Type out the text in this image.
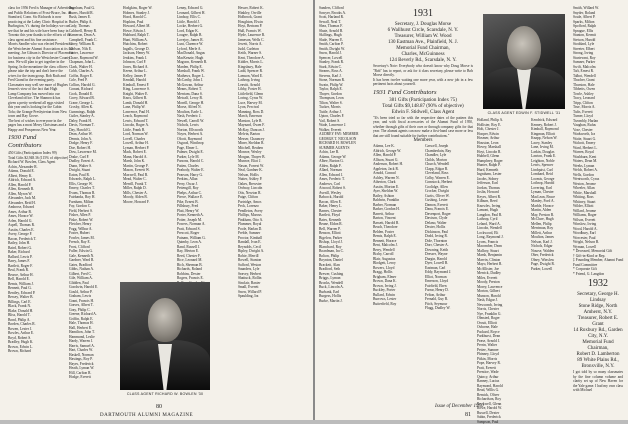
class for 1956 Fred is Manager of Advertising
and Public Relations of Frost-Bruce, Inc. in
Stamford, Conn. Sic Richards is now
practicing at the Lahey Clinic Hospital in
Burlington, Vt. during the holidays we can
see that he and his wife have been busy in
Toronto this year thanks to the efforts of the
class agent and his fine assistance.
Morris Sandler who was elected President of
the Westchester Alumni Association at its fall
meeting. Joe Gibson is Director of Placement
for business city in the Westchester County
area. We will plan to get together in the
Spring. In the meantime the class officers
please take the trip and don't leave the
wives for the team group. Bob Ruth and
Fred Grand in the evening party.
Classmates may well see more of Hughes
Jensen's view of the fact that High
Lamp Company has moved into our
Cleveland office. The Shamrock has
given a pretty weekend all eggs visited
this year and is looking for the Cabin
Tofu; the Grange Presbyterian from New
town and Ray Grove.
The best of wishes to everyone in the
pages has a most Merry Christmas and a
Happy and Prosperous New Year.
1930 Fund Contributors
450 Gifts (Participation Index 99)
Total Gifts $2,948.36 (115% of objective)
Richard W. Bowlen, Class Agent
Achin, Alexander R.
Adams, Donald E.
Albert, Henry K.
Aldrich, Edward A.
Allen, Harold P.
Allen, Kenneth R.
Allen, Myron W.
Alexander, Jack M.
Alexander, Reid H.
Ambrose, Edward
Ames, Arthur B.
Ames, Horace W.
Arlen, Harold G.
Aspell, Thomas R.
Austin, Charles E.
Avery, George F.
Bacon, Frederick T.
Bailey, John H.
Baird, Robert G.
Baker, Richard
Ballard, Lewis P.
Barry, James F.
Bartlett, Roger F.
Beal, Frank R.
Bearce, Arthur H.
Bell, Harold E.
Bemis, William J.
Bennett, Paul G.
Bentley, Edward P.
Bessey, Walter B.
Billings, Carl E.
Black, Frank N.
Blake, Donald H.
Bliss, Harold T.
Bond, Philip A.
Borden, Charles R.
Bowen, Lester J.
Bowles, Arthur E.
Boyd, Robert S.
Bradley, Hugh K.
Brown, Edwin L.
Brown, Richard
Burnham, Paul G.
Burns, Harold R.
Bush, James E.
Butler, Philip A.
Cady, Thomas
Caldwell, Henry R.
Cameron, Dean A.
Campbell, Frank C.
Carey, William R.
Carlson, Nils E.
Carter, Lawrence
Chase, Raymond W.
Chapman, John L.
Clark, Walter H.
Cobb, Charles A.
Coffin, Roger E.
Cole, Fred P.
Collins, Harold G.
Conant, Richard
Cook, Donald E.
Corey, Edward B.
Crane, George L.
Crosby, Allen K.
Cummings, Ralph
Cutler, Stanley A.
Daley, Frank H.
Davis, Norman T.
Day, Harold G.
Dean, Arthur W.
Dennis, John A.
Dodge, Henry F.
Doe, Robert H.
Dow, Lawrence M.
Drake, Carl F.
Dudley, Ernest A.
Dunn, Walter S.
Dwight, Stuart
Eaton, Paul R.
Edwards, Ralph L.
Ellis, George W.
Emery, Charles T.
Evans, Thomas R.
Fairbanks, Roy H.
Farnham, Milton
Fay, Gordon C.
Field, Herbert S.
Fisher, Allen P.
Fiske, Robert W.
Fletcher, Henry
Fogg, Wilbur A.
Foster, Hubert
Fowler, James M.
French, Ray E.
Frost, Clifford
Fuller, Edwin G.
Gale, Kenneth N.
Gardner, Ward R.
Gates, Bradford
Gibbs, Nathan A.
Gilbert, Fred C.
Gile, William A.
Glidden, Paul
Goodwin, Harold E.
Gould, Arthur P.
Graham, Lewis
Grant, Francis H.
Graves, Albert T.
Gray, Philip C.
Greene, Richard A.
Griffin, Ralph E.
Hale, Thomas H.
Hall, Herbert E.
Hamilton, John T.
Hammond, Leslie
Hardy, Warren J.
Harris, Samuel A.
Hart, Charles W.
Haskell, Norman
Hastings, Roy P.
Hayes, Frederick
Heath, Lyman W.
Hill, Carlton R.
Hodge, Everett
Hodgkins, Roger W.
Holmes, Stanley J.
Hood, Harold C.
Hopkins, Paul
Howard, Albert M.
Howe, Edwin J.
Hubbard, Ralph T.
Hunt, William A.
Hutchins, Robert
Ingalls, George D.
Jackson, Henry W.
Jenkins, Frank J.
Johnson, Carl F.
Jones, Richard A.
Keene, Arthur L.
Kelley, James P.
Kendall, Harold
Kimball, Ernest F.
King, Lawrence S.
Knight, Walter E.
Knox, Gilbert R.
Lamb, Donald H.
Lane, Philip W.
Lawrence, Paul H.
Leach, Raymond
Lewis, Edward T.
Lincoln, Roger A.
Little, Frank B.
Lord, Norman W.
Lovell, Charles
Lowell, Arthur H.
Lyman, Herbert P.
Mack, Robert E.
Mann, Harold A.
Marsh, John K.
Martin, George F.
Mason, Everett W.
Maxwell, Paul R.
Mead, Walter C.
Merrill, Frank T.
Miller, Ralph D.
Mills, Chester A.
Moody, Alden B.
Moore, Howard F.
Lenny, Edward G.
Leonard, Gilbert H.
Lindsay, Ellis C.
Little, Harold J.
Locke, Herbert G.
Lord, Edgar K.
Lougee, Ralph B.
Lovejoy, James R.
Lunt, Clarence W.
Lyford, Merle A.
MacDonald, Angus
MacKenzie, Hugh
Magoon, Kenneth R.
Marden, Philip E.
Marshall, Frank W.
Mathews, Roger L.
McCarthy, John J.
McGowan, Arthur
Means, Robert T.
Merriam, Dana S.
Metcalf, Leroy B.
Morrill, George H.
Morse, Alfred N.
Moulton, Earle L.
Nash, Frederic J.
Newell, Carroll W.
Nichols, Lewis
Norton, Ellsworth
Noyes, Herbert A.
Olcott, Raymond
Osgood, Winthrop
Page, Elmer L.
Palmer, Dwight E.
Parker, Lyle M.
Parsons, Harold C.
Patten, Charles
Peabody, Walter E.
Pearson, Harry G.
Perkins, Allan
Perry, Oscar J.
Pettengill, Roy
Phelps, Arthur C.
Pierce, Wallace E.
Pike, Ernest B.
Pillsbury, Fred
Platt, Henry W.
Porter, Kenneth A.
Potter, Joseph M.
Powers, Norman A.
Pratt, Edward S.
Prescott, Roger
Putnam, William G.
Quimby, Leon A.
Rand, Russell J.
Ray, Merton E.
Reed, Chester F.
Rice, Leonard M.
Rich, Sherman B.
Richards, Roland
Robbins, Dexter
Rogers, Francis E.
Hesser, Robert K.
Hinkley, Orville
Holbrook, Grant
Houghton, Elwin
Hoyt, Bertram P.
Hull, Francis W.
Hyde, Laurence R.
Jameson, Wells C.
Jewett, Norris A.
Judd, Carleton
Keith, Warner S.
Kent, Theodore A.
Kidder, Morris L.
Kingsbury, Hale
Ladd, Spencer R.
Lamson, Ward E.
Lathrop, Irving
Leavitt, Arnold
Libby, Foster H.
Littlefield, Glenn
Loring, Cyrus W.
Luce, Harvey M.
Lyon, Percival
Manning, Ross D.
March, Emerson
Marston, Lyle B.
Maynard, Owen F.
McKay, Duncan J.
Melvin, Barton
Messer, Chauncey
Miner, Sheldon R.
Mitchell, Reuben
Monroe, Wesley
Morgan, Thayer B.
Munroe, Eliot J.
Nason, Forrest W.
Neal, Gardner K.
Nelson, Hollis
Nutter, Ashley P.
Oakes, Brewster
Ordway, Lincoln
Otis, Newton R.
Paige, Clifton
Partridge, Amos
Peck, Lorenzo
Pendleton, Avery
Phillips, Marcus
Pinkham, Otto A.
Plummer, Royal
Poole, Harlan D.
Preble, Sumner
Proctor, Kimball
Randall, Ivan E.
Reynolds, Cecil
Ripley, Dwight A.
Robie, Merrill
Rowell, Stanton
Safford, Weston
Saunders, Lyle
Seavey, Herbert
Shattuck, Rollin
Sinclair, Baxter
Small, Everett
Snow, Willard P.
Spaulding, Ira
CLASS AGENT RICHARD W. BOWLEN '30
80
DARTMOUTH ALUMNI MAGAZINE
Sanders, Clifford
Sawyer, Brooks A.
Scott, Harland R.
Sewall, Neal T.
Shea, Thomas F.
Shute, Arnold B.
Skillings, Hugh
Slade, Warren E.
Smith, Carlton P.
Smith, Dwight W.
Snow, Harold J.
Spencer, Lowell
Stanley, Frank R.
Stark, Edwin C.
Stearns, Ross A.
Stevens, Karl J.
Stone, Norman R.
Swain, Philip W.
Taylor, Ralph E.
Thayer, Gordon
Thompson, Leon
Tilton, Walter S.
Tucker, Morris
Tuttle, Arthur J.
Upton, Charles F.
Vail, Robert S.
Wade, Lawrence J.
Walker, Everett
AUDREY FAY: MEMBER
GEORGE T. NICOLSON
RICHARD H. BOWLEN
SUMMER AGENTS
Achin, Lee R.
Adams, George W.
Albee, Burton G.
Alden, Ralph F.
Allard, Norman
Allen, Edward J.
Ames, Frederic T.
Andrews, Carl
Atwood, Robert S.
Averill, Wesley
Babcock, Harold
Bacon, Allen E.
Baker, Henry L.
Barnes, Chester
Bartlett, Floyd
Bates, Kenneth
Beane, Eldon R.
Bell, Warren P.
Benson, Elliott
Bigelow, Parker
Bishop, Lloyd J.
Blanchard, Roy
Boardman, Ira C.
Bolton, Philip
Boynton, Daniel
Brackett, Alan
Bradford, Seth
Brewer, Cushing
Briggs, Lyman
Brooks, Wendell
Buck, Lincoln A.
Burbank, Earl
Burgess, Hollis
Burke, Martin J.
1931
Secretary, J. Douglas Morse
6 Wallhurst Circle, Scarsdale, N. Y.
Treasurer, William W. Wood
130 Eastman Ave., Plainfield, N. J.
Memorial Fund Chairman,
Charles, McGuinness
124 Beverly Rd., Scarsdale, N. Y.
Secretary's Note: Everybody who doesn't know why Doug Morse is "Bob" has to report, or ask for it class secretary, please write to Bob Morse directly.
It has been twelve waiting one more year, with a new job in a few pertinent facts about yourself.
1931 Fund Contributors
381 Gifts (Participation Index 75)
Total Gifts $9,148.87 (90% of objective)
Edwin F. Stidwell, Class Agent
"It's been tried so far with the respective dates of the pattern this year, and with fiscal accessories of the Alumni Fund of 1950, whether through gifts of their own or through company gifts for that year. The alumni agents can now make a first-hand case more or less that are still found suitable for further contributions."
Members
Adams, Lee K.
Aldrich, George W.
Allen, Harold P.
Allison, Stuart G.
Anderson, Robert H.
Appleton, Jack R.
Arnold, Conrad
Ashley, Warren N.
Atherton, Clark
Austin, Morton E.
Ayer, Sheldon W.
Bailey, Ashton
Baldwin, Franklin
Barber, Norman
Barker, Gordon H.
Barrett, Arthur
Barton, Vincent
Bassett, Harold R.
Beach, Theodore
Belden, Foster
Bemis, Ralph E.
Bennett, Horace
Bent, Malcolm J.
Berry, Wendell
Bixby, Carroll
Blair, Augustus
Blodgett, Leroy
Bowers, Lloyd
Bragg, Hollis
Brigham, Elmer
Brown, Dana K.
Brown, Irving J.
Buckley, Porter
Bullard, Edwin
Burrows, Lester
Butterfield, Roy
Caswell, Joseph
Chamberlain, Ray
Chandler, Lyle
Childs, Morton
Church, Wendell
Clapp, Edgar R.
Cleveland, Ross
Colby, Warren E.
Comstock, Herbert
Coolidge, Allen
Crocker, Dwight
Curtis, Oliver W.
Cushing, Lester
Damon, Everett
Dana, Francis E.
Davenport, Roger
Davison, Clyde
Delano, Walter
Dexter, Hollis
Dickinson, Paul
Dodd, Irving R.
Dole, Thornton
Dorr, Chester A.
Downing, Keith
Dresser, Wayne
Durgin, Harold
Dyer, Lowell B.
Eastman, Carl
Eddy, Raymond J.
Elliot, Norman
Emerson, Lloyd
Fairfield, Eben
Farrar, Henry D.
Felton, Arthur
Fernald, Guy R.
Fitch, Seymour
Flagg, Dudley W.
Holland, Philip A.
Hollister, Roy E.
Holt, Chester J.
Hooper, Edwin
Hosmer, Arthur
Houston, Leon
Hovey, Marshall
Hoyt, Lincoln R.
Hubbell, Glenn
Humphrey, Roger
Hunter, Ralph P.
Hurd, Kenneth
Ingraham, Lester
Jacobs, Sidney
Jefferson, Earl
Jordan, Thomas
Joslin, Howard
Keyes, Albert R.
Kilburn, Reed
Knowles, Irving
Lamont, Hugh
Langdon, Paul R.
Lathrop, Cyril
Leland, Ward A.
Lincoln, Wendell
Lockwood, Eli
Long, Raymond J.
Lyons, Francis
Macomber, Dean
Mallory, Stuart
Marsh, Benjamin
Marvin, Clinton
Mayo, Herbert R.
McAllister, Joe
Merrick, Dudley
Miles, Everett
Moody, Preston
Morey, Lawrence
Morton, Gilbert
Munson, Harold
Nash, Edgar J.
Newcomb, Irving
Norris, Chester
Nye, Franklin G.
Olmsted, Roger
Orcutt, Elliott
Osborne, Hale
Packard, Royce
Parkhurst, Dean
Pease, Arnold J.
Perrin, Walter
Pettee, Sumner
Phinney, Lloyd
Pitkin, Morris
Pope, Harvey R.
Pratt, Everett
Prentice, Wade
Quincy, Arthur
Ranney, Lucius
Raymond, Harold
Read, Willis G.
Remick, Oliver
Richardson, Roy
Rockwell, Glenn
Rowe, Harold W.
Russell, Dexter
Sabin, Frederick
Sampson, Paul
Kendrick, Edward
Kenney, Robert J.
Kimball, Raymond
Kingman, Elliott
Knapp, Nelson W.
Lacey, Stanley
Lane, Irving M.
Larkin, Douglas
Lawton, Frank E.
Leighton, Noble
Lewis, Spencer
Lindquist, Carl
Lombard, Reid
Loomis, George
Lothrop, Harold
Lovering, Earl
Lyman, Chester
MacLean, Bruce
Manley, Ford A.
Marble, Horace
Martin, Alden
May, Preston R.
McClure, Hugh
Mellen, Philip
Merriman, Roy
Millett, Arthur
Moulton, James
Nelson, Karl J.
Nichols, Edgar
Nourse, Walden
Ober, Frederick
Olney, Winslow
Page, Dwight R.
Parker, Lowell
Smith, Willard W.
Snyder, Roland
Soule, Albert P.
Sparks, Milton
Spofford, Ralph
Sprague, Ellis
Stanton, Kermit
Stetson, Harold
Stoddard, Lyle
Streeter, Elbert
Strong, Irving
Sturtevant, Roy
Sumner, Parker
Swift, Malcolm
Taft, Ernest R.
Talbot, Wendell
Thacher, Grant
Thurston, Hale
Tibbetts, Owen
Towle, Ashley
Tracy, Leonard
Tripp, Clifton
True, Morris A.
Tufts, Everett
Turner, Lloyd
Twombly, Harlan
Vaughan, Rufus
Vose, Chester
Wadsworth, Ira
Waite, Stuart G.
Walcott, Emery
Ward, Herbert L.
Warren, Royal
Washburn, Kent
Waters, Dean M.
Weeks, Lyman
Welch, Robert A.
Wells, Gordon
Wentworth, Cyrus
Weston, Jerome
Wheeler, Allan
White, Marshall
Whiting, Ross
Whitney, Stuart
Wilder, Elliott
Willard, Jerome
Williams, Roger
Wilson, Everett
Winslow, Irving
Wood, Harold A.
Woodbury, Earl
Worcester, Paul
Wright, Nelson B.
Wyman, Lowell
* Deceased, Memorial Gift
† Gift-in-Kind or Rep.
‡ Founding Member, Alumni Fund
Fund Committee
* Corporate Gift
* Friend, G. Langdon
1932
Secretary, George H. Lindsay
Stone Ridge, North Amherst, N.Y.
Treasurer, Robert E. Grant
14 Roxbury Rd., Garden City, N.Y.
Memorial Fund Chairman,
Robert D. Lamberton
89 White Plains Rd., Bronxville, N.Y.
I got told by so many classmates by the fine column volume and clarity set up of New Haven for the Yale game. I had my own class with Michael
CLASS AGENT EDWIN F. STIDWELL '31
Issue of December 1950
81
